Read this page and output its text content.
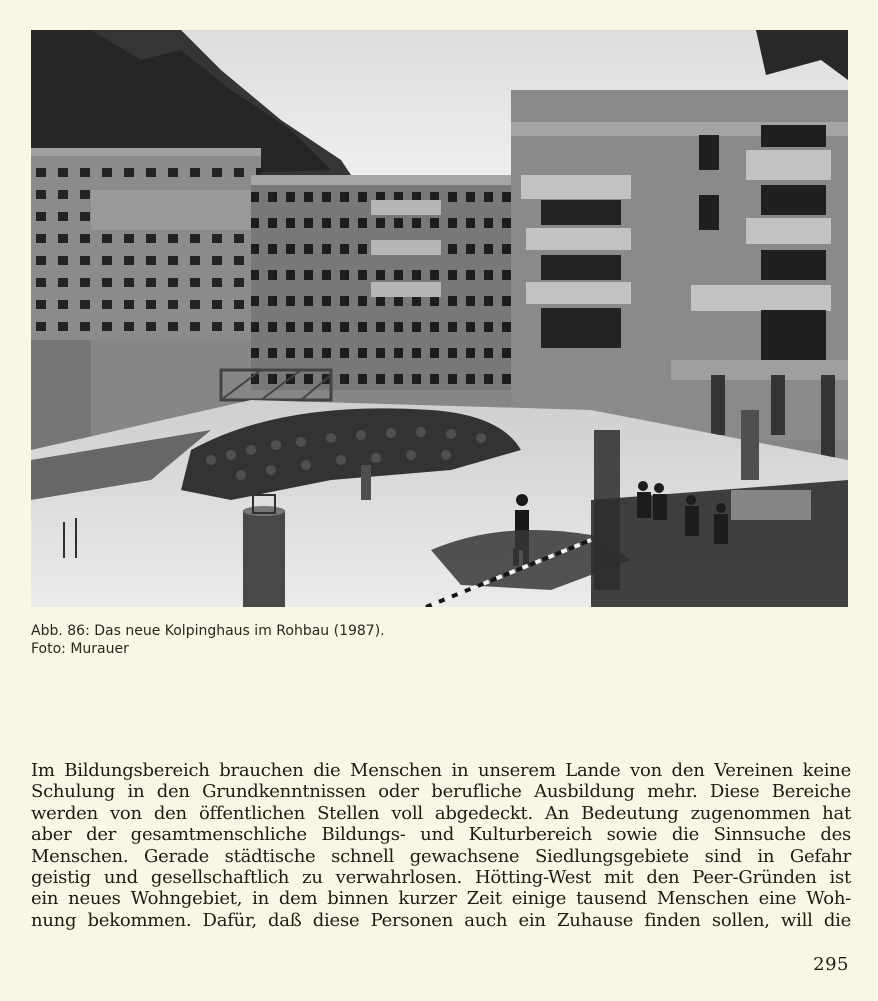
Abb. 86: Das neue Kolpinghaus im Rohbau (1987).
Foto: Murauer
Im Bildungsbereich brauchen die Menschen in unserem Lande von den Vereinen keine
Schulung in den Grundkenntnissen oder berufliche Ausbildung mehr. Diese Bereiche
werden von den öffentlichen Stellen voll abgedeckt. An Bedeutung zugenommen hat
aber der gesamtmenschliche Bildungs- und Kulturbereich sowie die Sinnsuche des
Menschen. Gerade städtische schnell gewachsene Siedlungsgebiete sind in Gefahr
geistig und gesellschaftlich zu verwahrlosen. Hötting-West mit den Peer-Gründen ist
ein neues Wohngebiet, in dem binnen kurzer Zeit einige tausend Menschen eine Woh-
nung bekommen. Dafür, daß diese Personen auch ein Zuhause finden sollen, will die
295
